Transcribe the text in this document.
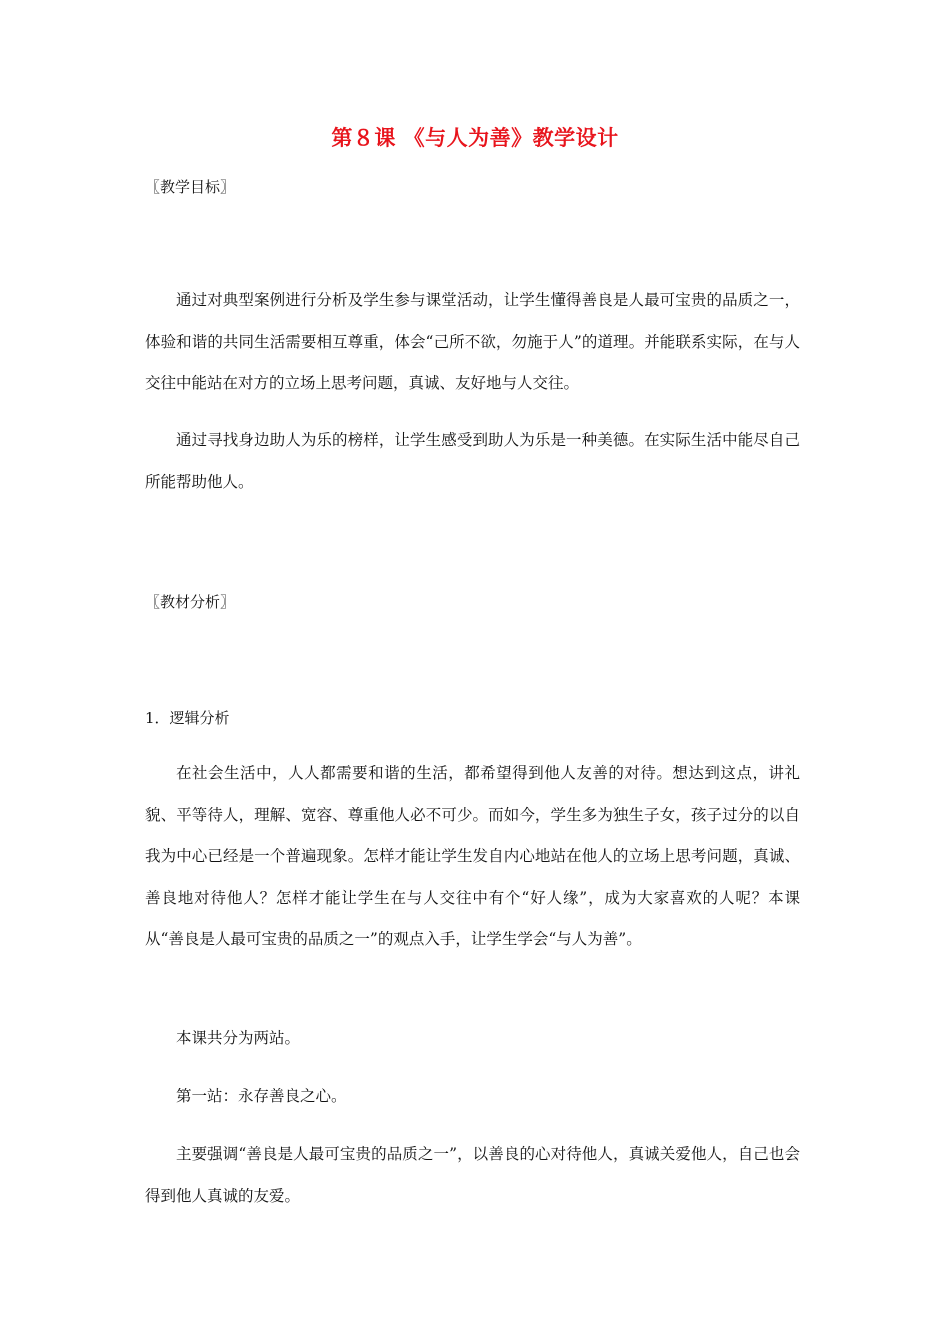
第８课 《与人为善》教学设计

〖教学目标〗

通过对典型案例进行分析及学生参与课堂活动，让学生懂得善良是人最可宝贵的品质之一，体验和谐的共同生活需要相互尊重，体会“己所不欲，勿施于人”的道理。并能联系实际，在与人交往中能站在对方的立场上思考问题，真诚、友好地与人交往。

通过寻找身边助人为乐的榜样，让学生感受到助人为乐是一种美德。在实际生活中能尽自己所能帮助他人。

〖教材分析〗

1．逻辑分析

在社会生活中，人人都需要和谐的生活，都希望得到他人友善的对待。想达到这点，讲礼貌、平等待人，理解、宽容、尊重他人必不可少。而如今，学生多为独生子女，孩子过分的以自我为中心已经是一个普遍现象。怎样才能让学生发自内心地站在他人的立场上思考问题，真诚、善良地对待他人？怎样才能让学生在与人交往中有个“好人缘”，成为大家喜欢的人呢？本课从“善良是人最可宝贵的品质之一”的观点入手，让学生学会“与人为善”。

本课共分为两站。

第一站：永存善良之心。

主要强调“善良是人最可宝贵的品质之一”，以善良的心对待他人，真诚关爱他人，自己也会得到他人真诚的友爱。
